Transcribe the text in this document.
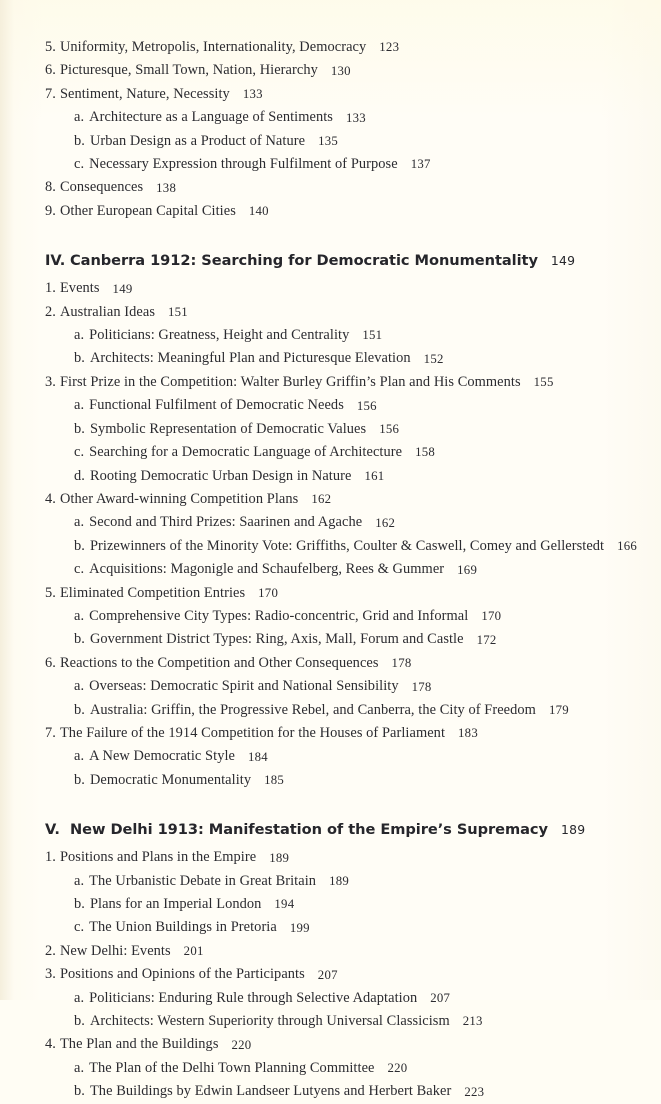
5. Uniformity, Metropolis, Internationality, Democracy 123
6. Picturesque, Small Town, Nation, Hierarchy 130
7. Sentiment, Nature, Necessity 133
a. Architecture as a Language of Sentiments 133
b. Urban Design as a Product of Nature 135
c. Necessary Expression through Fulfilment of Purpose 137
8. Consequences 138
9. Other European Capital Cities 140
IV. Canberra 1912: Searching for Democratic Monumentality 149
1. Events 149
2. Australian Ideas 151
a. Politicians: Greatness, Height and Centrality 151
b. Architects: Meaningful Plan and Picturesque Elevation 152
3. First Prize in the Competition: Walter Burley Griffin’s Plan and His Comments 155
a. Functional Fulfilment of Democratic Needs 156
b. Symbolic Representation of Democratic Values 156
c. Searching for a Democratic Language of Architecture 158
d. Rooting Democratic Urban Design in Nature 161
4. Other Award-winning Competition Plans 162
a. Second and Third Prizes: Saarinen and Agache 162
b. Prizewinners of the Minority Vote: Griffiths, Coulter & Caswell, Comey and Gellerstedt 166
c. Acquisitions: Magonigle and Schaufelberg, Rees & Gummer 169
5. Eliminated Competition Entries 170
a. Comprehensive City Types: Radio-concentric, Grid and Informal 170
b. Government District Types: Ring, Axis, Mall, Forum and Castle 172
6. Reactions to the Competition and Other Consequences 178
a. Overseas: Democratic Spirit and National Sensibility 178
b. Australia: Griffin, the Progressive Rebel, and Canberra, the City of Freedom 179
7. The Failure of the 1914 Competition for the Houses of Parliament 183
a. A New Democratic Style 184
b. Democratic Monumentality 185
V. New Delhi 1913: Manifestation of the Empire’s Supremacy 189
1. Positions and Plans in the Empire 189
a. The Urbanistic Debate in Great Britain 189
b. Plans for an Imperial London 194
c. The Union Buildings in Pretoria 199
2. New Delhi: Events 201
3. Positions and Opinions of the Participants 207
a. Politicians: Enduring Rule through Selective Adaptation 207
b. Architects: Western Superiority through Universal Classicism 213
4. The Plan and the Buildings 220
a. The Plan of the Delhi Town Planning Committee 220
b. The Buildings by Edwin Landseer Lutyens and Herbert Baker 223
